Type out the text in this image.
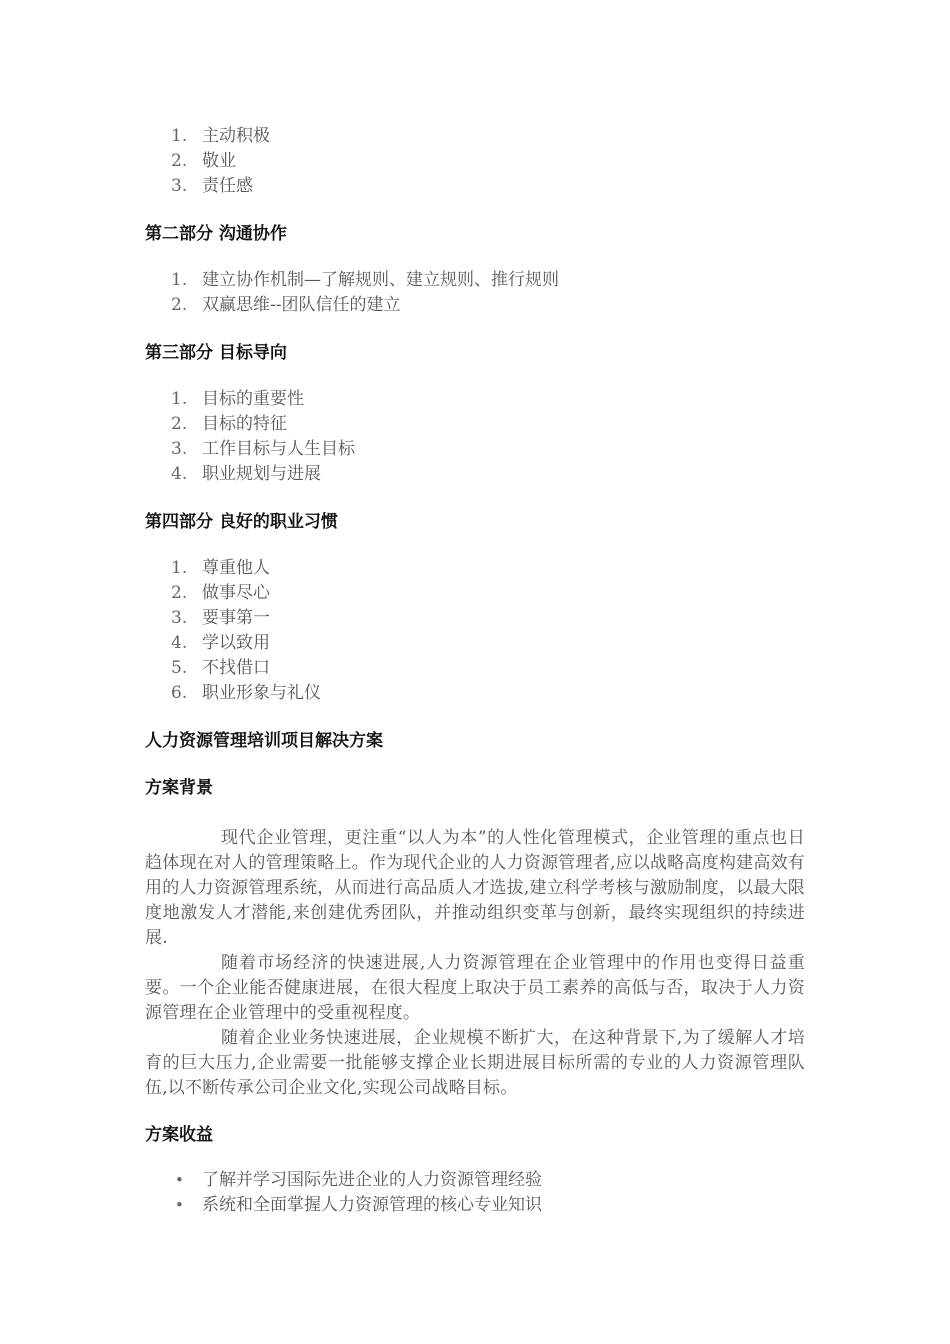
1. 主动积极
2. 敬业
3. 责任感
第二部分 沟通协作
1. 建立协作机制—了解规则、建立规则、推行规则
2. 双赢思维--团队信任的建立
第三部分 目标导向
1. 目标的重要性
2. 目标的特征
3. 工作目标与人生目标
4. 职业规划与进展
第四部分 良好的职业习惯
1. 尊重他人
2. 做事尽心
3. 要事第一
4. 学以致用
5. 不找借口
6. 职业形象与礼仪
人力资源管理培训项目解决方案
方案背景

现代企业管理，更注重“以人为本”的人性化管理模式，企业管理的重点也日趋体现在对人的管理策略上。作为现代企业的人力资源管理者,应以战略高度构建高效有用的人力资源管理系统，从而进行高品质人才选拔,建立科学考核与激励制度，以最大限度地激发人才潜能,来创建优秀团队，并推动组织变革与创新，最终实现组织的持续进展.

随着市场经济的快速进展,人力资源管理在企业管理中的作用也变得日益重要。一个企业能否健康进展，在很大程度上取决于员工素养的高低与否，取决于人力资源管理在企业管理中的受重视程度。

随着企业业务快速进展，企业规模不断扩大，在这种背景下,为了缓解人才培育的巨大压力,企业需要一批能够支撑企业长期进展目标所需的专业的人力资源管理队伍,以不断传承公司企业文化,实现公司战略目标。

方案收益
• 了解并学习国际先进企业的人力资源管理经验
• 系统和全面掌握人力资源管理的核心专业知识
